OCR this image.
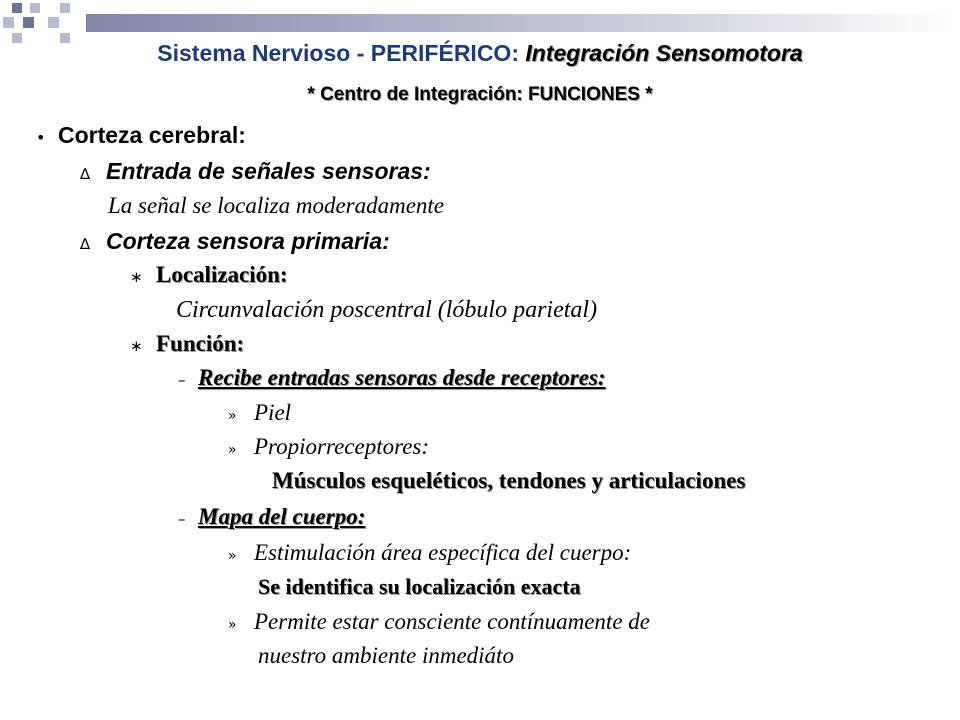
Sistema Nervioso - PERIFÉRICO: Integración Sensomotora
* Centro de Integración: FUNCIONES *
• Corteza cerebral:
∆ Entrada de señales sensoras:
La señal se localiza moderadamente
∆ Corteza sensora primaria:
∗ Localización:
Circunvalación poscentral (lóbulo parietal)
∗ Función:
– Recibe entradas sensoras desde receptores:
» Piel
» Propiorreceptores:
Músculos esqueléticos, tendones y articulaciones
– Mapa del cuerpo:
» Estimulación área específica del cuerpo:
Se identifica su localización exacta
» Permite estar consciente contínuamente de
nuestro ambiente inmediáto
